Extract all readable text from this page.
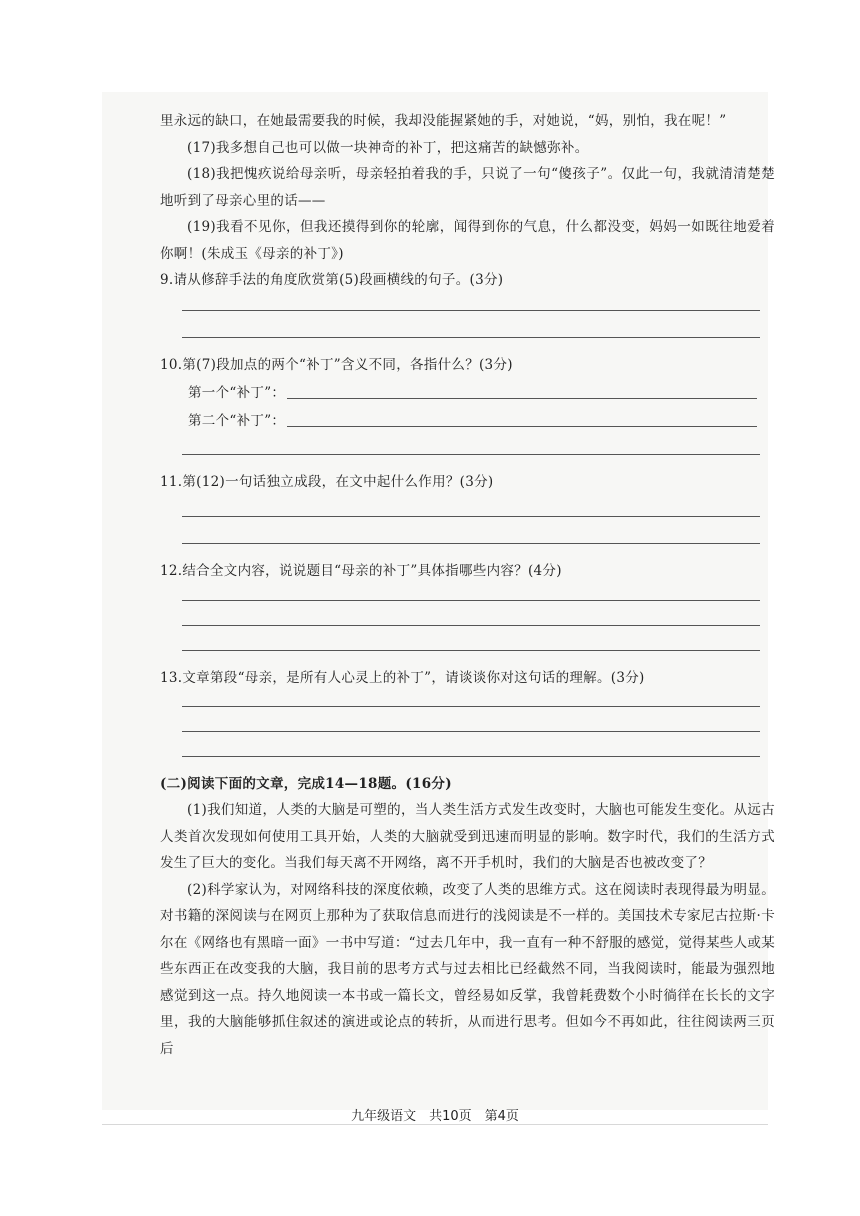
里永远的缺口，在她最需要我的时候，我却没能握紧她的手，对她说，“妈，别怕，我在呢！”

(17)我多想自己也可以做一块神奇的补丁，把这痛苦的缺憾弥补。

(18)我把愧疚说给母亲听，母亲轻拍着我的手，只说了一句“傻孩子”。仅此一句，我就清清楚楚地听到了母亲心里的话——

(19)我看不见你，但我还摸得到你的轮廓，闻得到你的气息，什么都没变，妈妈一如既往地爱着你啊！(朱成玉《母亲的补丁》)

9.请从修辞手法的角度欣赏第(5)段画横线的句子。(3分)

10.第(7)段加点的两个“补丁”含义不同，各指什么？(3分)

第一个“补丁”：
第二个“补丁”：

11.第(12)一句话独立成段，在文中起什么作用？(3分)

12.结合全文内容，说说题目“母亲的补丁”具体指哪些内容？(4分)

13.文章第段“母亲，是所有人心灵上的补丁”，请谈谈你对这句话的理解。(3分)

(二)阅读下面的文章，完成14—18题。(16分)

(1)我们知道，人类的大脑是可塑的，当人类生活方式发生改变时，大脑也可能发生变化。从远古人类首次发现如何使用工具开始，人类的大脑就受到迅速而明显的影响。数字时代，我们的生活方式发生了巨大的变化。当我们每天离不开网络，离不开手机时，我们的大脑是否也被改变了？

(2)科学家认为，对网络科技的深度依赖，改变了人类的思维方式。这在阅读时表现得最为明显。对书籍的深阅读与在网页上那种为了获取信息而进行的浅阅读是不一样的。美国技术专家尼古拉斯·卡尔在《网络也有黑暗一面》一书中写道：“过去几年中，我一直有一种不舒服的感觉，觉得某些人或某些东西正在改变我的大脑，我目前的思考方式与过去相比已经截然不同，当我阅读时，能最为强烈地感觉到这一点。持久地阅读一本书或一篇长文，曾经易如反掌，我曾耗费数个小时徜徉在长长的文字里，我的大脑能够抓住叙述的演进或论点的转折，从而进行思考。但如今不再如此，往往阅读两三页后

九年级语文　共10页　第4页
